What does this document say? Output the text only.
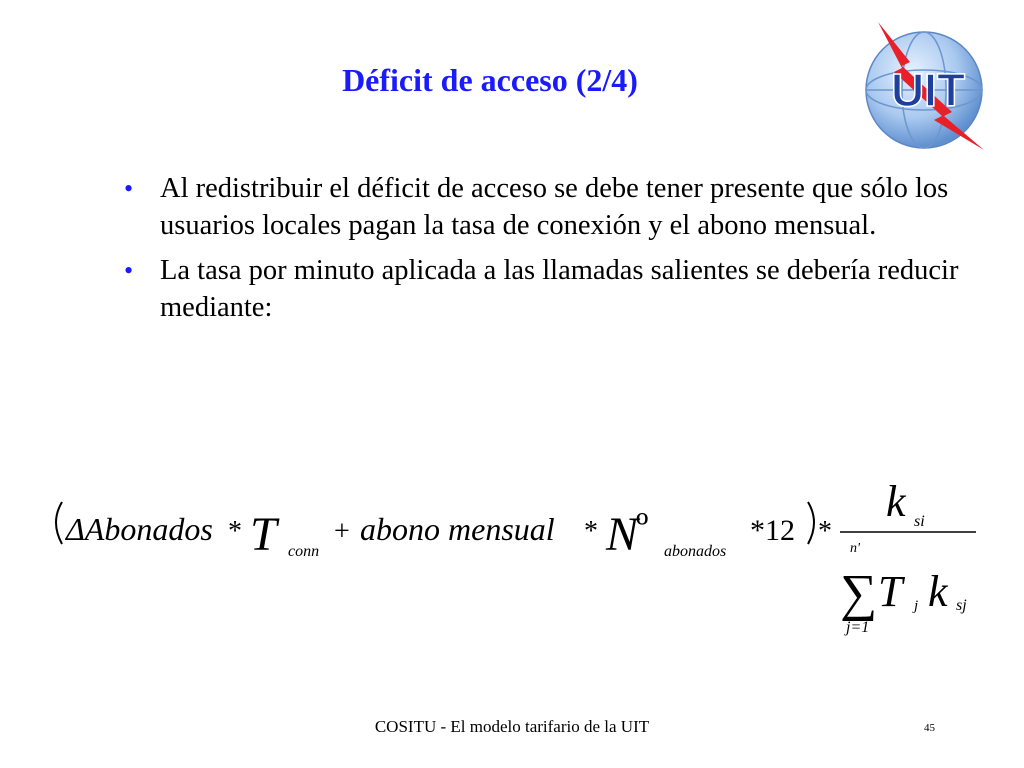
Déficit de acceso (2/4)	UIT
• Al redistribuir el déficit de acceso se debe tener presente que sólo los usuarios locales pagan la tasa de conexión y el abono mensual.
• La tasa por minuto aplicada a las llamadas salientes se debería reducir mediante:
ΔAbonados * T conn
+ abono mensual * N
º
abonados
*12 *
k si
n'
∑ T j k sj
j=1
COSITU - El modelo tarifario de la UIT	45
